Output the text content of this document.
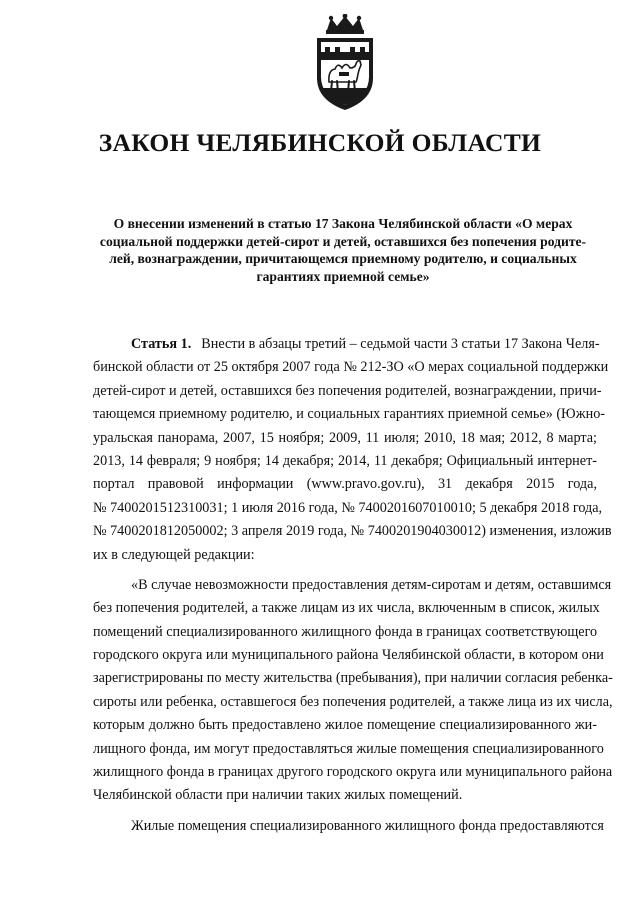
ЗАКОН ЧЕЛЯБИНСКОЙ ОБЛАСТИ
О внесении изменений в статью 17 Закона Челябинской области «О мерах
социальной поддержки детей-сирот и детей, оставшихся без попечения родите-
лей, вознаграждении, причитающемся приемному родителю, и социальных
гарантиях приемной семье»
Статья 1. Внести в абзацы третий – седьмой части 3 статьи 17 Закона Челя-
бинской области от 25 октября 2007 года № 212-ЗО «О мерах социальной поддержки
детей-сирот и детей, оставшихся без попечения родителей, вознаграждении, причи-
тающемся приемному родителю, и социальных гарантиях приемной семье» (Южно-
уральская панорама, 2007, 15 ноября; 2009, 11 июля; 2010, 18 мая; 2012, 8 марта;
2013, 14 февраля; 9 ноября; 14 декабря; 2014, 11 декабря; Официальный интернет-
портал правовой информации (www.pravo.gov.ru), 31 декабря 2015 года,
№ 7400201512310031; 1 июля 2016 года, № 7400201607010010; 5 декабря 2018 года,
№ 7400201812050002; 3 апреля 2019 года, № 7400201904030012) изменения, изложив
их в следующей редакции:
«В случае невозможности предоставления детям-сиротам и детям, оставшимся
без попечения родителей, а также лицам из их числа, включенным в список, жилых
помещений специализированного жилищного фонда в границах соответствующего
городского округа или муниципального района Челябинской области, в котором они
зарегистрированы по месту жительства (пребывания), при наличии согласия ребенка-
сироты или ребенка, оставшегося без попечения родителей, а также лица из их числа,
которым должно быть предоставлено жилое помещение специализированного жи-
лищного фонда, им могут предоставляться жилые помещения специализированного
жилищного фонда в границах другого городского округа или муниципального района
Челябинской области при наличии таких жилых помещений.
Жилые помещения специализированного жилищного фонда предоставляются
